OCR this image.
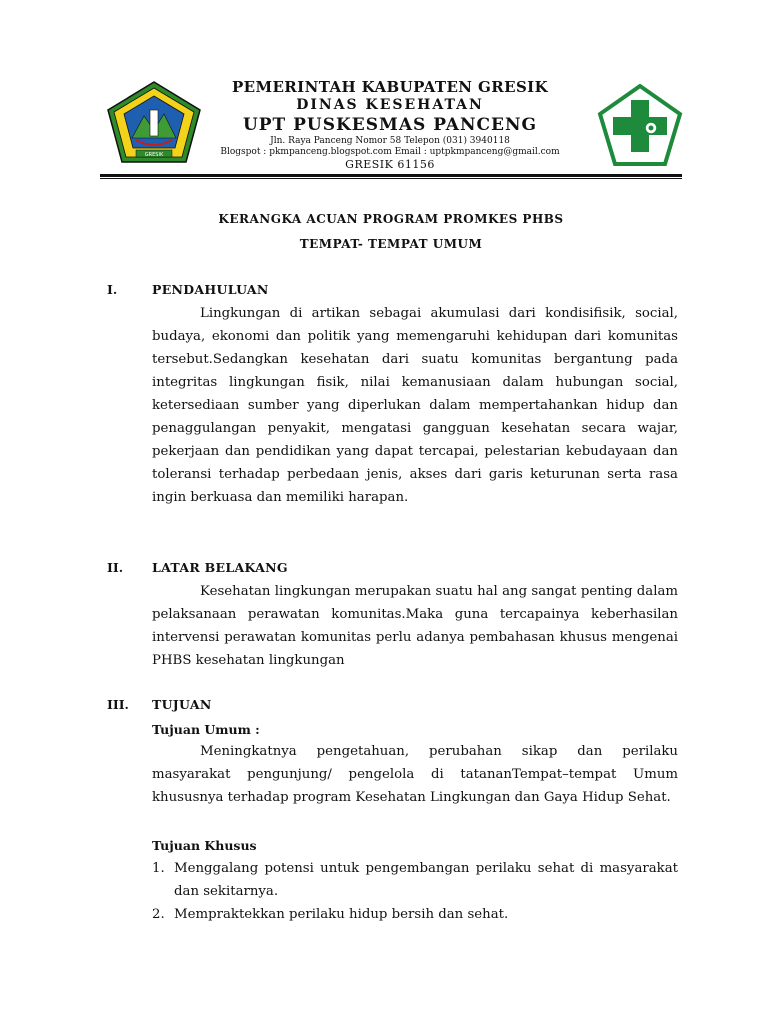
GRESIK
PEMERINTAH KABUPATEN GRESIK
DINAS KESEHATAN
UPT PUSKESMAS PANCENG
Jln. Raya Panceng Nomor 58 Telepon (031) 3940118
Blogspot : pkmpanceng.blogspot.com Email : uptpkmpanceng@gmail.com
GRESIK 61156
KERANGKA ACUAN PROGRAM PROMKES PHBS
TEMPAT- TEMPAT UMUM
I.	PENDAHULUAN
Lingkungan di artikan sebagai akumulasi dari kondisifisik, social, budaya, ekonomi dan politik yang memengaruhi kehidupan dari komunitas tersebut.Sedangkan kesehatan dari suatu komunitas bergantung pada integritas lingkungan fisik, nilai kemanusiaan dalam hubungan social, ketersediaan sumber yang diperlukan dalam mempertahankan hidup dan penaggulangan penyakit, mengatasi gangguan kesehatan secara wajar, pekerjaan dan pendidikan yang dapat tercapai, pelestarian kebudayaan dan toleransi terhadap perbedaan jenis, akses dari garis keturunan serta rasa ingin berkuasa dan memiliki harapan.
II. LATAR BELAKANG
Kesehatan lingkungan merupakan suatu hal ang sangat penting dalam pelaksanaan perawatan komunitas.Maka guna tercapainya keberhasilan intervensi perawatan komunitas perlu adanya pembahasan khusus mengenai PHBS kesehatan lingkungan
III. TUJUAN
Tujuan Umum :
Meningkatnya pengetahuan, perubahan sikap dan perilaku masyarakat pengunjung/ pengelola di tatananTempat–tempat Umum khususnya terhadap program Kesehatan Lingkungan dan Gaya Hidup Sehat.
Tujuan Khusus
1. Menggalang potensi untuk pengembangan perilaku sehat di masyarakat dan sekitarnya.
2. Mempraktekkan perilaku hidup bersih dan sehat.
